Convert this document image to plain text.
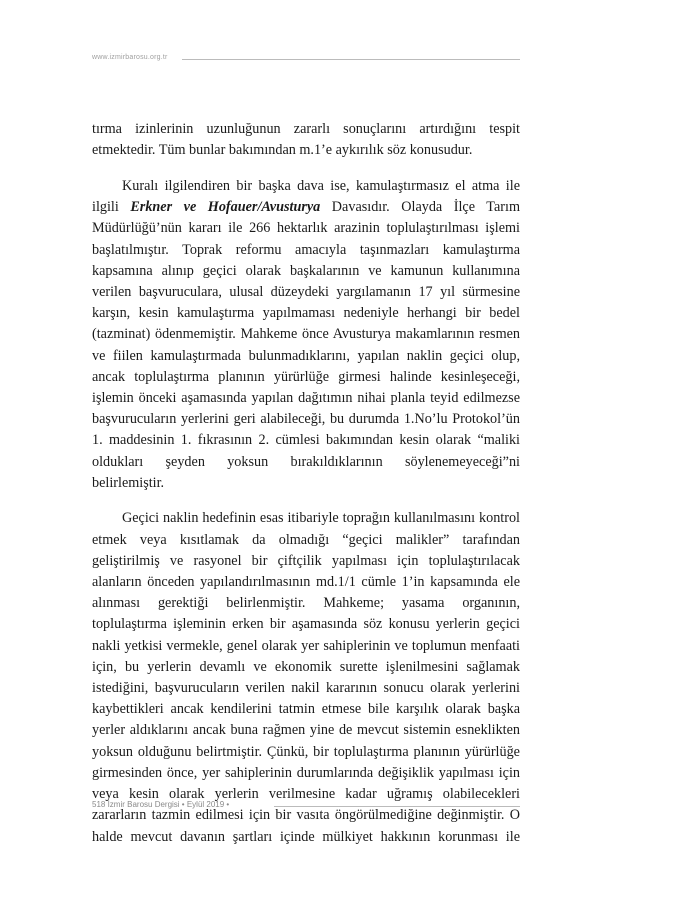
www.izmirbarosu.org.tr

tırma izinlerinin uzunluğunun zararlı sonuçlarını artırdığını tespit etmektedir. Tüm bunlar bakımından m.1’e aykırılık söz konusudur.

Kuralı ilgilendiren bir başka dava ise, kamulaştırmasız el atma ile ilgili Erkner ve Hofauer/Avusturya Davasıdır. Olayda İlçe Tarım Müdürlüğü’nün kararı ile 266 hektarlık arazinin toplulaştırılması işlemi başlatılmıştır. Toprak reformu amacıyla taşınmazları kamulaştırma kapsamına alınıp geçici olarak başkalarının ve kamunun kullanımına verilen başvuruculara, ulusal düzeydeki yargılamanın 17 yıl sürmesine karşın, kesin kamulaştırma yapılmaması nedeniyle herhangi bir bedel (tazminat) ödenmemiştir. Mahkeme önce Avusturya makamlarının resmen ve fiilen kamulaştırmada bulunmadıklarını, yapılan naklin geçici olup, ancak toplulaştırma planının yürürlüğe girmesi halinde kesinleşeceği, işlemin önceki aşamasında yapılan dağıtımın nihai planla teyid edilmezse başvurucuların yerlerini geri alabileceği, bu durumda 1.No’lu Protokol’ün 1. maddesinin 1. fıkrasının 2. cümlesi bakımından kesin olarak “maliki oldukları şeyden yoksun bırakıldıklarının söylenemeyeceği”ni belirlemiştir.

Geçici naklin hedefinin esas itibariyle toprağın kullanılmasını kontrol etmek veya kısıtlamak da olmadığı “geçici malikler” tarafından geliştirilmiş ve rasyonel bir çiftçilik yapılması için toplulaştırılacak alanların önceden yapılandırılmasının md.1/1 cümle 1’in kapsamında ele alınması gerektiği belirlenmiştir. Mahkeme; yasama organının, toplulaştırma işleminin erken bir aşamasında söz konusu yerlerin geçici nakli yetkisi vermekle, genel olarak yer sahiplerinin ve toplumun menfaati için, bu yerlerin devamlı ve ekonomik surette işlenilmesini sağlamak istediğini, başvurucuların verilen nakil kararının sonucu olarak yerlerini kaybettikleri ancak kendilerini tatmin etmese bile karşılık olarak başka yerler aldıklarını ancak buna rağmen yine de mevcut sistemin esneklikten yoksun olduğunu belirtmiştir. Çünkü, bir toplulaştırma planının yürürlüğe girmesinden önce, yer sahiplerinin durumlarında değişiklik yapılması için veya kesin olarak yerlerin verilmesine kadar uğramış olabilecekleri zararların tazmin edilmesi için bir vasıta öngörülmediğine değinmiştir. O halde mevcut davanın şartları içinde mülkiyet hakkının korunması ile

518 İzmir Barosu Dergisi • Eylül 2019 •
